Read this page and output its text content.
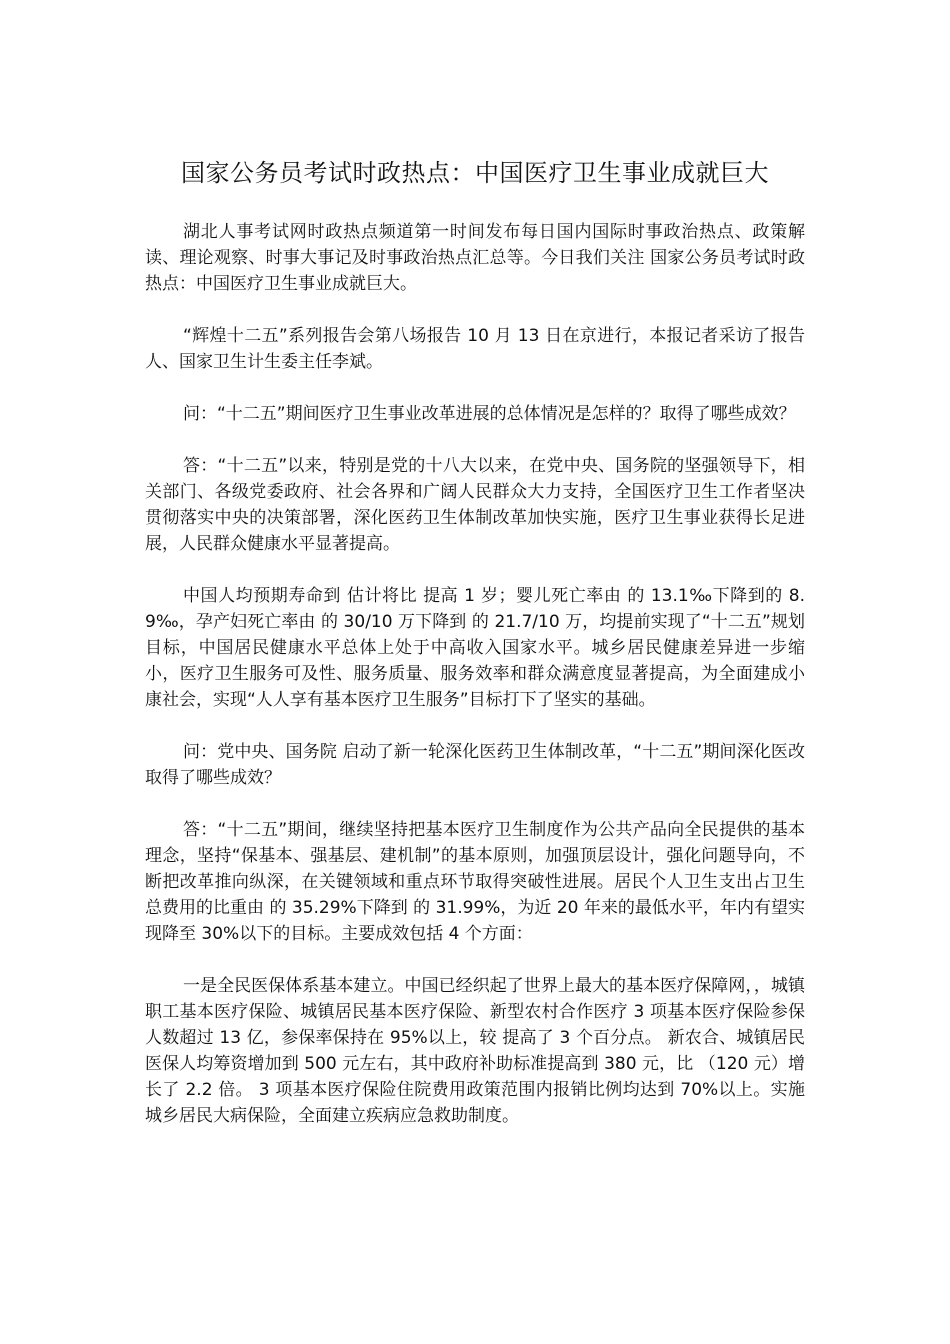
国家公务员考试时政热点：中国医疗卫生事业成就巨大

湖北人事考试网时政热点频道第一时间发布每日国内国际时事政治热点、政策解读、理论观察、时事大事记及时事政治热点汇总等。今日我们关注 国家公务员考试时政热点：中国医疗卫生事业成就巨大。

“辉煌十二五”系列报告会第八场报告 10 月 13 日在京进行，本报记者采访了报告人、国家卫生计生委主任李斌。

问：“十二五”期间医疗卫生事业改革进展的总体情况是怎样的？取得了哪些成效？

答：“十二五”以来，特别是党的十八大以来，在党中央、国务院的坚强领导下，相关部门、各级党委政府、社会各界和广阔人民群众大力支持，全国医疗卫生工作者坚决贯彻落实中央的决策部署，深化医药卫生体制改革加快实施，医疗卫生事业获得长足进展，人民群众健康水平显著提高。

中国人均预期寿命到 估计将比 提高 1 岁；婴儿死亡率由 的 13.1‰下降到的 8.9‰，孕产妇死亡率由 的 30/10 万下降到 的 21.7/10 万，均提前实现了“十二五”规划目标，中国居民健康水平总体上处于中高收入国家水平。城乡居民健康差异进一步缩小，医疗卫生服务可及性、服务质量、服务效率和群众满意度显著提高，为全面建成小康社会，实现“人人享有基本医疗卫生服务”目标打下了坚实的基础。

问：党中央、国务院 启动了新一轮深化医药卫生体制改革，“十二五”期间深化医改取得了哪些成效？

答：“十二五”期间，继续坚持把基本医疗卫生制度作为公共产品向全民提供的基本理念，坚持“保基本、强基层、建机制”的基本原则，加强顶层设计，强化问题导向，不断把改革推向纵深，在关键领域和重点环节取得突破性进展。居民个人卫生支出占卫生总费用的比重由 的 35.29%下降到 的 31.99%，为近 20 年来的最低水平，年内有望实现降至 30%以下的目标。主要成效包括 4 个方面：

一是全民医保体系基本建立。中国已经织起了世界上最大的基本医疗保障网，，城镇职工基本医疗保险、城镇居民基本医疗保险、新型农村合作医疗 3 项基本医疗保险参保人数超过 13 亿，参保率保持在 95%以上，较 提高了 3 个百分点。 新农合、城镇居民医保人均筹资增加到 500 元左右，其中政府补助标准提高到 380 元，比 （120 元）增长了 2.2 倍。 3 项基本医疗保险住院费用政策范围内报销比例均达到 70%以上。实施城乡居民大病保险，全面建立疾病应急救助制度。
